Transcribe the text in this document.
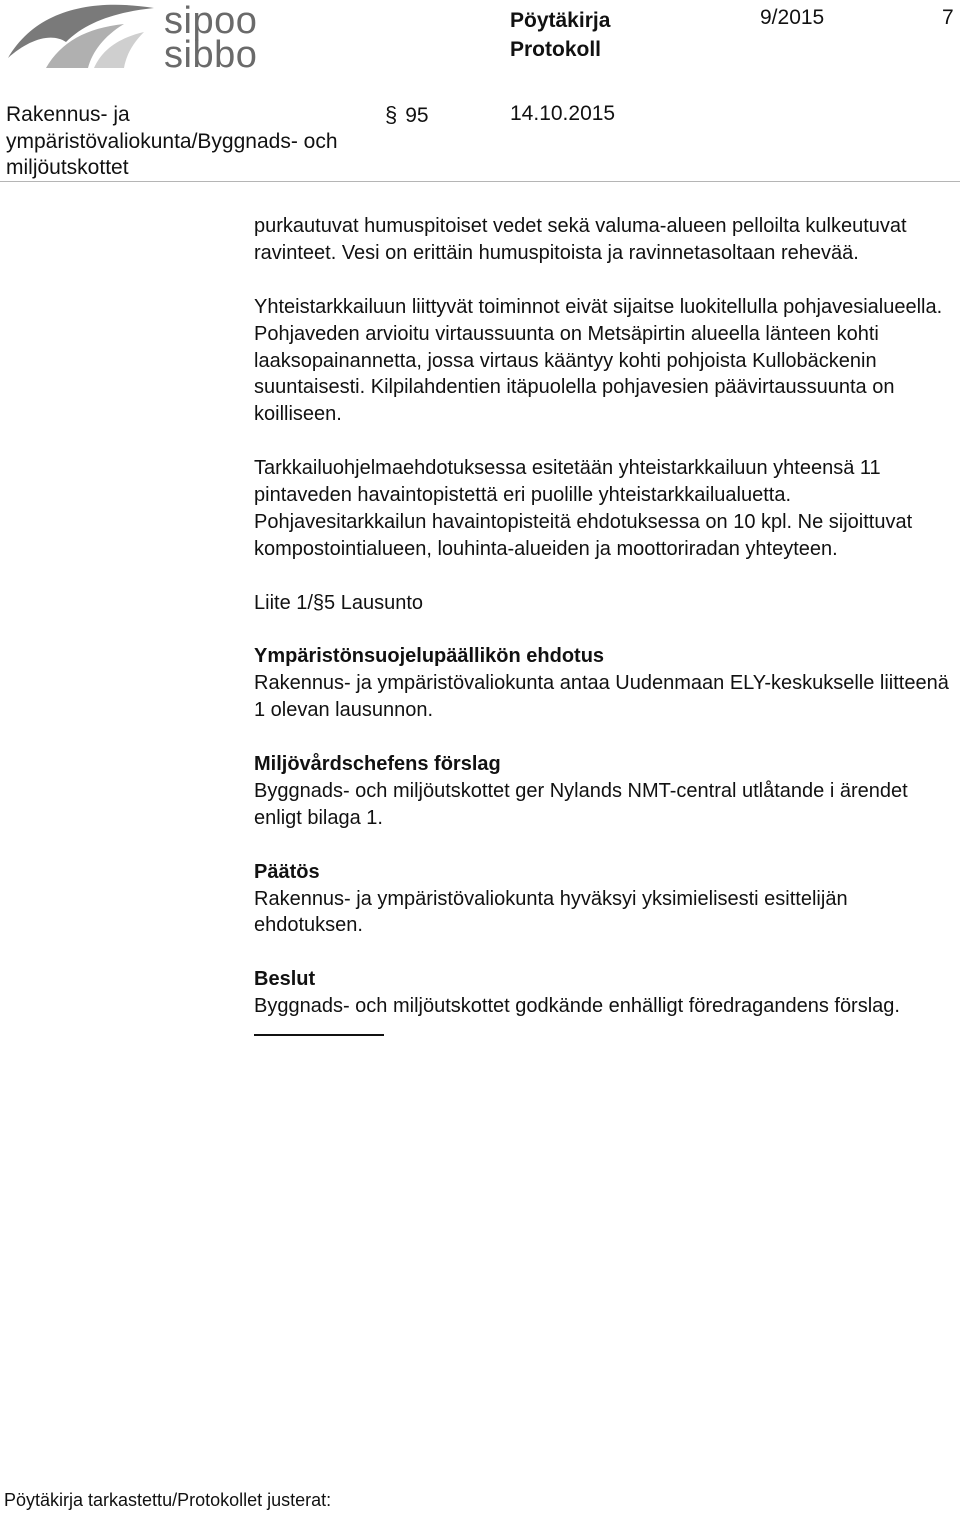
sipoo
sibbo
Pöytäkirja
Protokoll
9/2015	7
Rakennus- ja
ympäristövaliokunta/Byggnads- och
miljöutskottet
§ 95	14.10.2015

purkautuvat humuspitoiset vedet sekä valuma-alueen pelloilta kulkeutuvat ravinteet. Vesi on erittäin humuspitoista ja ravinnetasoltaan rehevää.

Yhteistarkkailuun liittyvät toiminnot eivät sijaitse luokitellulla pohjavesialueella. Pohjaveden arvioitu virtaussuunta on Metsäpirtin alueella länteen kohti laaksopainannetta, jossa virtaus kääntyy kohti pohjoista Kullobäckenin suuntaisesti. Kilpilahdentien itäpuolella pohjavesien päävirtaussuunta on koilliseen.

Tarkkailuohjelmaehdotuksessa esitetään yhteistarkkailuun yhteensä 11 pintaveden havaintopistettä eri puolille yhteistarkkailualuetta. Pohjavesitarkkailun havaintopisteitä ehdotuksessa on 10 kpl. Ne sijoittuvat kompostointialueen, louhinta-alueiden ja moottoriradan yhteyteen.

Liite 1/§5 Lausunto

Ympäristönsuojelupäällikön ehdotus

Rakennus- ja ympäristövaliokunta antaa Uudenmaan ELY-keskukselle liitteenä 1 olevan lausunnon.

Miljövårdschefens förslag

Byggnads- och miljöutskottet ger Nylands NMT-central utlåtande i ärendet enligt bilaga 1.

Päätös

Rakennus- ja ympäristövaliokunta hyväksyi yksimielisesti esittelijän ehdotuksen.

Beslut

Byggnads- och miljöutskottet godkände enhälligt föredragandens förslag.

Pöytäkirja tarkastettu/Protokollet justerat:
